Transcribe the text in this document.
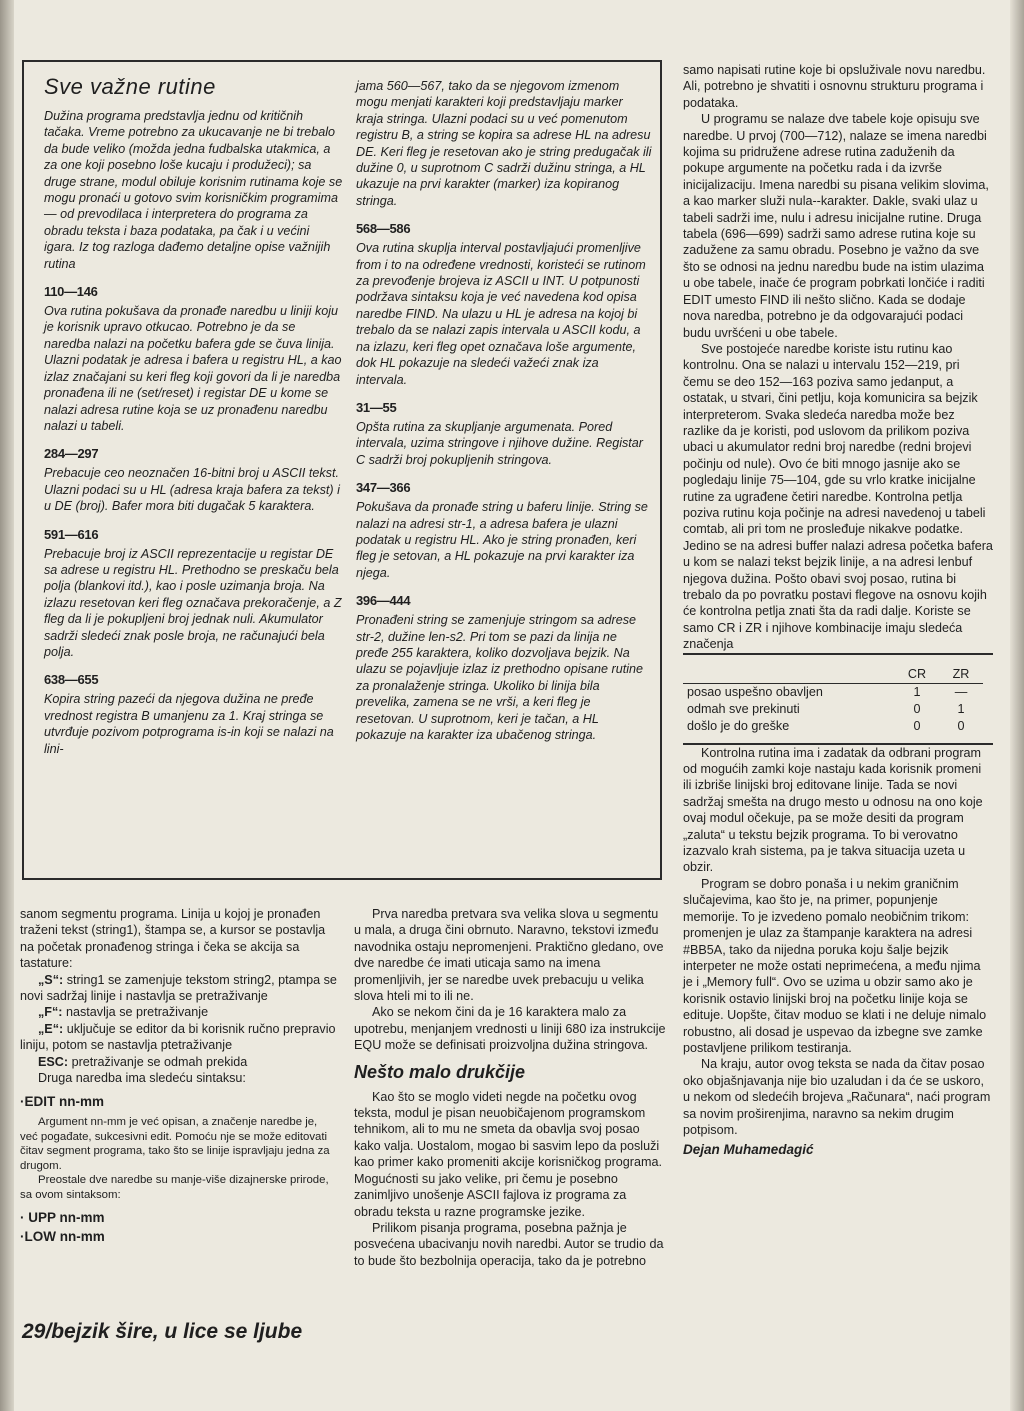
Sve važne rutine

Dužina programa predstavlja jednu od kritičnih tačaka. Vreme potrebno za ukucavanje ne bi trebalo da bude veliko (možda jedna fudbalska utakmica, a za one koji posebno loše kucaju i produžeci); sa druge strane, modul obiluje korisnim rutinama koje se mogu pronaći u gotovo svim korisničkim programima — od prevodilaca i interpretera do programa za obradu teksta i baza podataka, pa čak i u većini igara. Iz tog razloga dađemo detaljne opise važnijih rutina

110—146

Ova rutina pokušava da pronađe naredbu u liniji koju je korisnik upravo otkucao. Potrebno je da se naredba nalazi na početku bafera gde se čuva linija. Ulazni podatak je adresa i bafera u registru HL, a kao izlaz značajani su keri fleg koji govori da li je naredba pronađena ili ne (set/reset) i registar DE u kome se nalazi adresa rutine koja se uz pronađenu naredbu nalazi u tabeli.

284—297

Prebacuje ceo neoznačen 16-bitni broj u ASCII tekst. Ulazni podaci su u HL (adresa kraja bafera za tekst) i u DE (broj). Bafer mora biti dugačak 5 karaktera.

591—616

Prebacuje broj iz ASCII reprezentacije u registar DE sa adrese u registru HL. Prethodno se preskaču bela polja (blankovi itd.), kao i posle uzimanja broja. Na izlazu resetovan keri fleg označava prekoračenje, a Z fleg da li je pokupljeni broj jednak nuli. Akumulator sadrži sledeći znak posle broja, ne računajući bela polja.

638—655

Kopira string pazeći da njegova dužina ne pređe vrednost registra B umanjenu za 1. Kraj stringa se utvrđuje pozivom potprograma is-in koji se nalazi na lini-

jama 560—567, tako da se njegovom izmenom mogu menjati karakteri koji predstavljaju marker kraja stringa. Ulazni podaci su u već pomenutom registru B, a string se kopira sa adrese HL na adresu DE. Keri fleg je resetovan ako je string predugačak ili dužine 0, u suprotnom C sadrži dužinu stringa, a HL ukazuje na prvi karakter (marker) iza kopiranog stringa.

568—586

Ova rutina skuplja interval postavljajući promenljive from i to na određene vrednosti, koristeći se rutinom za prevođenje brojeva iz ASCII u INT. U potpunosti podržava sintaksu koja je već navedena kod opisa naredbe FIND. Na ulazu u HL je adresa na kojoj bi trebalo da se nalazi zapis intervala u ASCII kodu, a na izlazu, keri fleg opet označava loše argumente, dok HL pokazuje na sledeći važeći znak iza intervala.

31—55

Opšta rutina za skupljanje argumenata. Pored intervala, uzima stringove i njihove dužine. Registar C sadrži broj pokupljenih stringova.

347—366

Pokušava da pronađe string u baferu linije. String se nalazi na adresi str-1, a adresa bafera je ulazni podatak u registru HL. Ako je string pronađen, keri fleg je setovan, a HL pokazuje na prvi karakter iza njega.

396—444

Pronađeni string se zamenjuje stringom sa adrese str-2, dužine len-s2. Pri tom se pazi da linija ne pređe 255 karaktera, koliko dozvoljava bejzik. Na ulazu se pojavljuje izlaz iz prethodno opisane rutine za pronalaženje stringa. Ukoliko bi linija bila prevelika, zamena se ne vrši, a keri fleg je resetovan. U suprotnom, keri je tačan, a HL pokazuje na karakter iza ubačenog stringa.

samo napisati rutine koje bi opsluživale novu naredbu. Ali, potrebno je shvatiti i osnovnu strukturu programa i podataka.

U programu se nalaze dve tabele koje opisuju sve naredbe. U prvoj (700—712), nalaze se imena naredbi kojima su pridružene adrese rutina zaduženih da pokupe argumente na početku rada i da izvrše inicijalizaciju. Imena naredbi su pisana velikim slovima, a kao marker služi nula--karakter. Dakle, svaki ulaz u tabeli sadrži ime, nulu i adresu inicijalne rutine. Druga tabela (696—699) sadrži samo adrese rutina koje su zadužene za samu obradu. Posebno je važno da sve što se odnosi na jednu naredbu bude na istim ulazima u obe tabele, inače će program pobrkati lončiće i raditi EDIT umesto FIND ili nešto slično. Kada se dodaje nova naredba, potrebno je da odgovarajući podaci budu uvršćeni u obe tabele.

Sve postojeće naredbe koriste istu rutinu kao kontrolnu. Ona se nalazi u intervalu 152—219, pri čemu se deo 152—163 poziva samo jedanput, a ostatak, u stvari, čini petlju, koja komunicira sa bejzik interpreterom. Svaka sledeća naredba može bez razlike da je koristi, pod uslovom da prilikom poziva ubaci u akumulator redni broj naredbe (redni brojevi počinju od nule). Ovo će biti mnogo jasnije ako se pogledaju linije 75—104, gde su vrlo kratke inicijalne rutine za ugrađene četiri naredbe. Kontrolna petlja poziva rutinu koja počinje na adresi navedenoj u tabeli comtab, ali pri tom ne prosleđuje nikakve podatke. Jedino se na adresi buffer nalazi adresa početka bafera u kom se nalazi tekst bejzik linije, a na adresi lenbuf njegova dužina. Pošto obavi svoj posao, rutina bi trebalo da po povratku postavi flegove na osnovu kojih će kontrolna petlja znati šta da radi dalje. Koriste se samo CR i ZR i njihove kombinacije imaju sledeća značenja

	CR	ZR
posao uspešno obavljen	1	—
odmah sve prekinuti	0	1
došlo je do greške	0	0

Kontrolna rutina ima i zadatak da odbrani program od mogućih zamki koje nastaju kada korisnik promeni ili izbriše linijski broj editovane linije. Tada se novi sadržaj smešta na drugo mesto u odnosu na ono koje ovaj modul očekuje, pa se može desiti da program „zaluta“ u tekstu bejzik programa. To bi verovatno izazvalo krah sistema, pa je takva situacija uzeta u obzir.

Program se dobro ponaša i u nekim graničnim slučajevima, kao što je, na primer, popunjenje memorije. To je izvedeno pomalo neobičnim trikom: promenjen je ulaz za štampanje karaktera na adresi #BB5A, tako da nijedna poruka koju šalje bejzik interpeter ne može ostati neprimećena, a među njima je i „Memory full“. Ovo se uzima u obzir samo ako je korisnik ostavio linijski broj na početku linije koja se edituje. Uopšte, čitav moduo se klati i ne deluje nimalo robustno, ali dosad je uspevao da izbegne sve zamke postavljene prilikom testiranja.

Na kraju, autor ovog teksta se nada da čitav posao oko objašnjavanja nije bio uzaludan i da će se uskoro, u nekom od sledećih brojeva „Računara“, naći program sa novim proširenjima, naravno sa nekim drugim potpisom.

Dejan Muhamedagić

sanom segmentu programa. Linija u kojoj je pronađen traženi tekst (string1), štampa se, a kursor se postavlja na početak pronađenog stringa i čeka se akcija sa tastature:

„S“: string1 se zamenjuje tekstom string2, ptampa se novi sadržaj linije i nastavlja se pretraživanje

„F“: nastavlja se pretraživanje

„E“: uključuje se editor da bi korisnik ručno prepravio liniju, potom se nastavlja ptetraživanje

ESC: pretraživanje se odmah prekida

Druga naredba ima sledeću sintaksu:

·EDIT nn-mm

Argument nn-mm je već opisan, a značenje naredbe je, već pogađate, sukcesivni edit. Pomoću nje se može editovati čitav segment programa, tako što se linije ispravljaju jedna za drugom.

Preostale dve naredbe su manje-više dizajnerske prirode, sa ovom sintaksom:

· UPP nn-mm
·LOW nn-mm
29/bejzik šire, u lice se ljube

Prva naredba pretvara sva velika slova u segmentu u mala, a druga čini obrnuto. Naravno, tekstovi između navodnika ostaju nepromenjeni. Praktično gledano, ove dve naredbe će imati uticaja samo na imena promenljivih, jer se naredbe uvek prebacuju u velika slova hteli mi to ili ne.

Ako se nekom čini da je 16 karaktera malo za upotrebu, menjanjem vrednosti u liniji 680 iza instrukcije EQU može se definisati proizvoljna dužina stringova.

Nešto malo drukčije

Kao što se moglo videti negde na početku ovog teksta, modul je pisan neuobičajenom programskom tehnikom, ali to mu ne smeta da obavlja svoj posao kako valja. Uostalom, mogao bi sasvim lepo da posluži kao primer kako promeniti akcije korisničkog programa. Mogućnosti su jako velike, pri čemu je posebno zanimljivo unošenje ASCII fajlova iz programa za obradu teksta u razne programske jezike.

Prilikom pisanja programa, posebna pažnja je posvećena ubacivanju novih naredbi. Autor se trudio da to bude što bezbolnija operacija, tako da je potrebno
